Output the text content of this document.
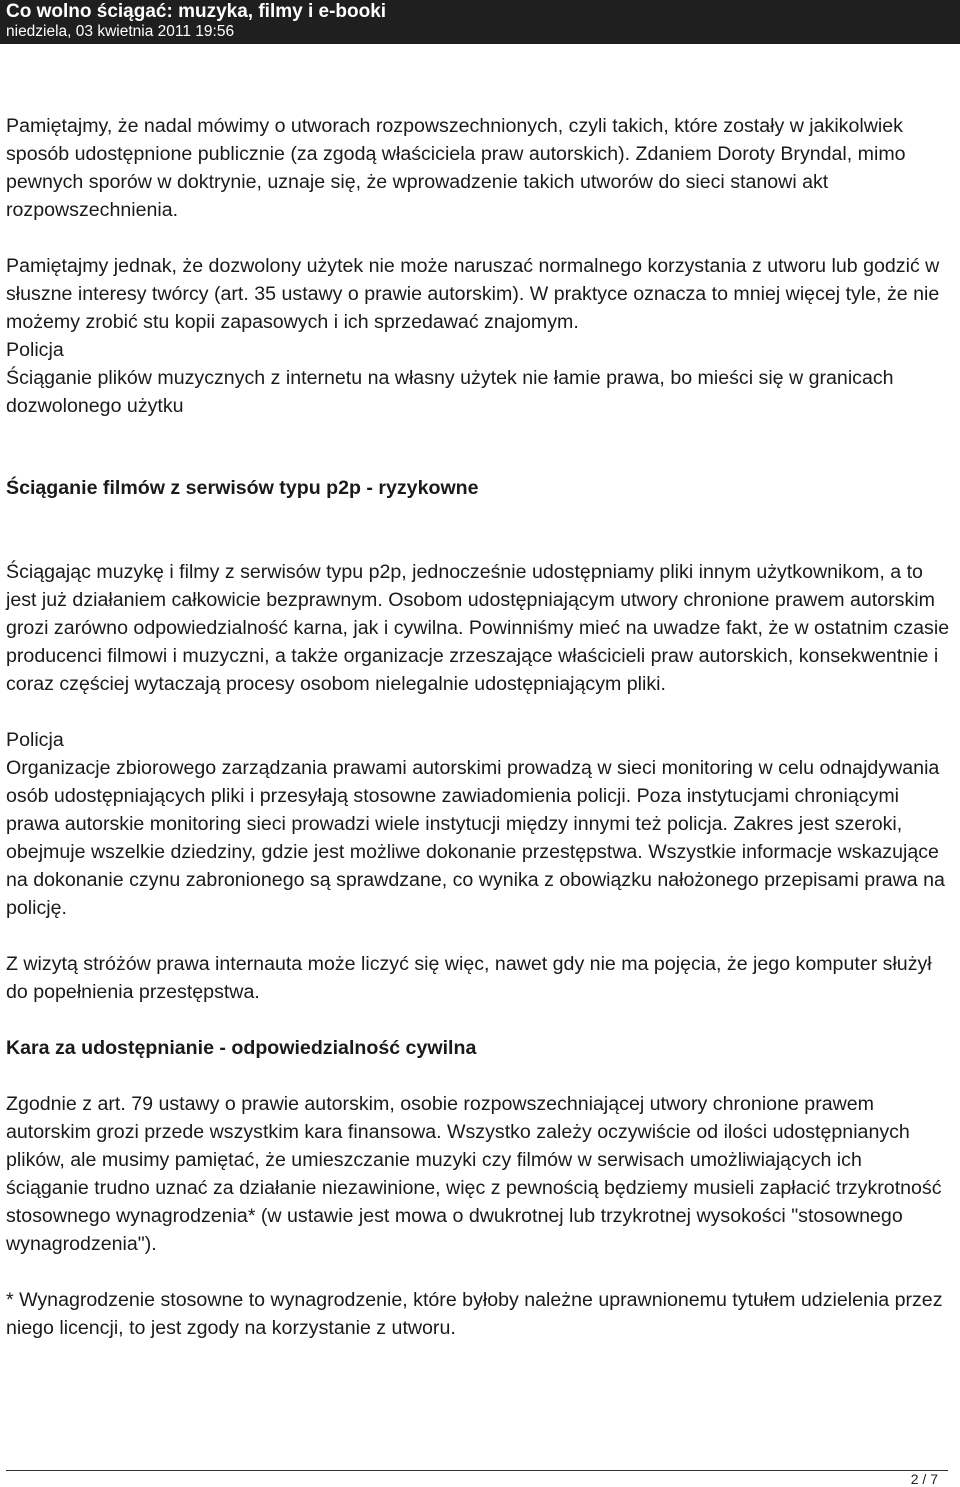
Co wolno ściągać: muzyka, filmy i e-booki
niedziela, 03 kwietnia 2011 19:56

Pamiętajmy, że nadal mówimy o utworach rozpowszechnionych, czyli takich, które zostały w jakikolwiek sposób udostępnione publicznie (za zgodą właściciela praw autorskich). Zdaniem Doroty Bryndal, mimo pewnych sporów w doktrynie, uznaje się, że wprowadzenie takich utworów do sieci stanowi akt rozpowszechnienia.

Pamiętajmy jednak, że dozwolony użytek nie może naruszać normalnego korzystania z utworu lub godzić w słuszne interesy twórcy (art. 35 ustawy o prawie autorskim). W praktyce oznacza to mniej więcej tyle, że nie możemy zrobić stu kopii zapasowych i ich sprzedawać znajomym.

Policja

Ściąganie plików muzycznych z internetu na własny użytek nie łamie prawa, bo mieści się w granicach dozwolonego użytku

Ściąganie filmów z serwisów typu p2p - ryzykowne

Ściągając muzykę i filmy z serwisów typu p2p, jednocześnie udostępniamy pliki innym użytkownikom, a to jest już działaniem całkowicie bezprawnym. Osobom udostępniającym utwory chronione prawem autorskim grozi zarówno odpowiedzialność karna, jak i cywilna. Powinniśmy mieć na uwadze fakt, że w ostatnim czasie producenci filmowi i muzyczni, a także organizacje zrzeszające właścicieli praw autorskich, konsekwentnie i coraz częściej wytaczają procesy osobom nielegalnie udostępniającym pliki.

Policja

Organizacje zbiorowego zarządzania prawami autorskimi prowadzą w sieci monitoring w celu odnajdywania osób udostępniających pliki i przesyłają stosowne zawiadomienia policji. Poza instytucjami chroniącymi prawa autorskie monitoring sieci prowadzi wiele instytucji między innymi też policja. Zakres jest szeroki, obejmuje wszelkie dziedziny, gdzie jest możliwe dokonanie przestępstwa. Wszystkie informacje wskazujące na dokonanie czynu zabronionego są sprawdzane, co wynika z obowiązku nałożonego przepisami prawa na policję.

Z wizytą stróżów prawa internauta może liczyć się więc, nawet gdy nie ma pojęcia, że jego komputer służył do popełnienia przestępstwa.

Kara za udostępnianie - odpowiedzialność cywilna

Zgodnie z art. 79 ustawy o prawie autorskim, osobie rozpowszechniającej utwory chronione prawem autorskim grozi przede wszystkim kara finansowa. Wszystko zależy oczywiście od ilości udostępnianych plików, ale musimy pamiętać, że umieszczanie muzyki czy filmów w serwisach umożliwiających ich ściąganie trudno uznać za działanie niezawinione, więc z pewnością będziemy musieli zapłacić trzykrotność stosownego wynagrodzenia* (w ustawie jest mowa o dwukrotnej lub trzykrotnej wysokości "stosownego wynagrodzenia").

* Wynagrodzenie stosowne to wynagrodzenie, które byłoby należne uprawnionemu tytułem udzielenia przez niego licencji, to jest zgody na korzystanie z utworu.

2 / 7
